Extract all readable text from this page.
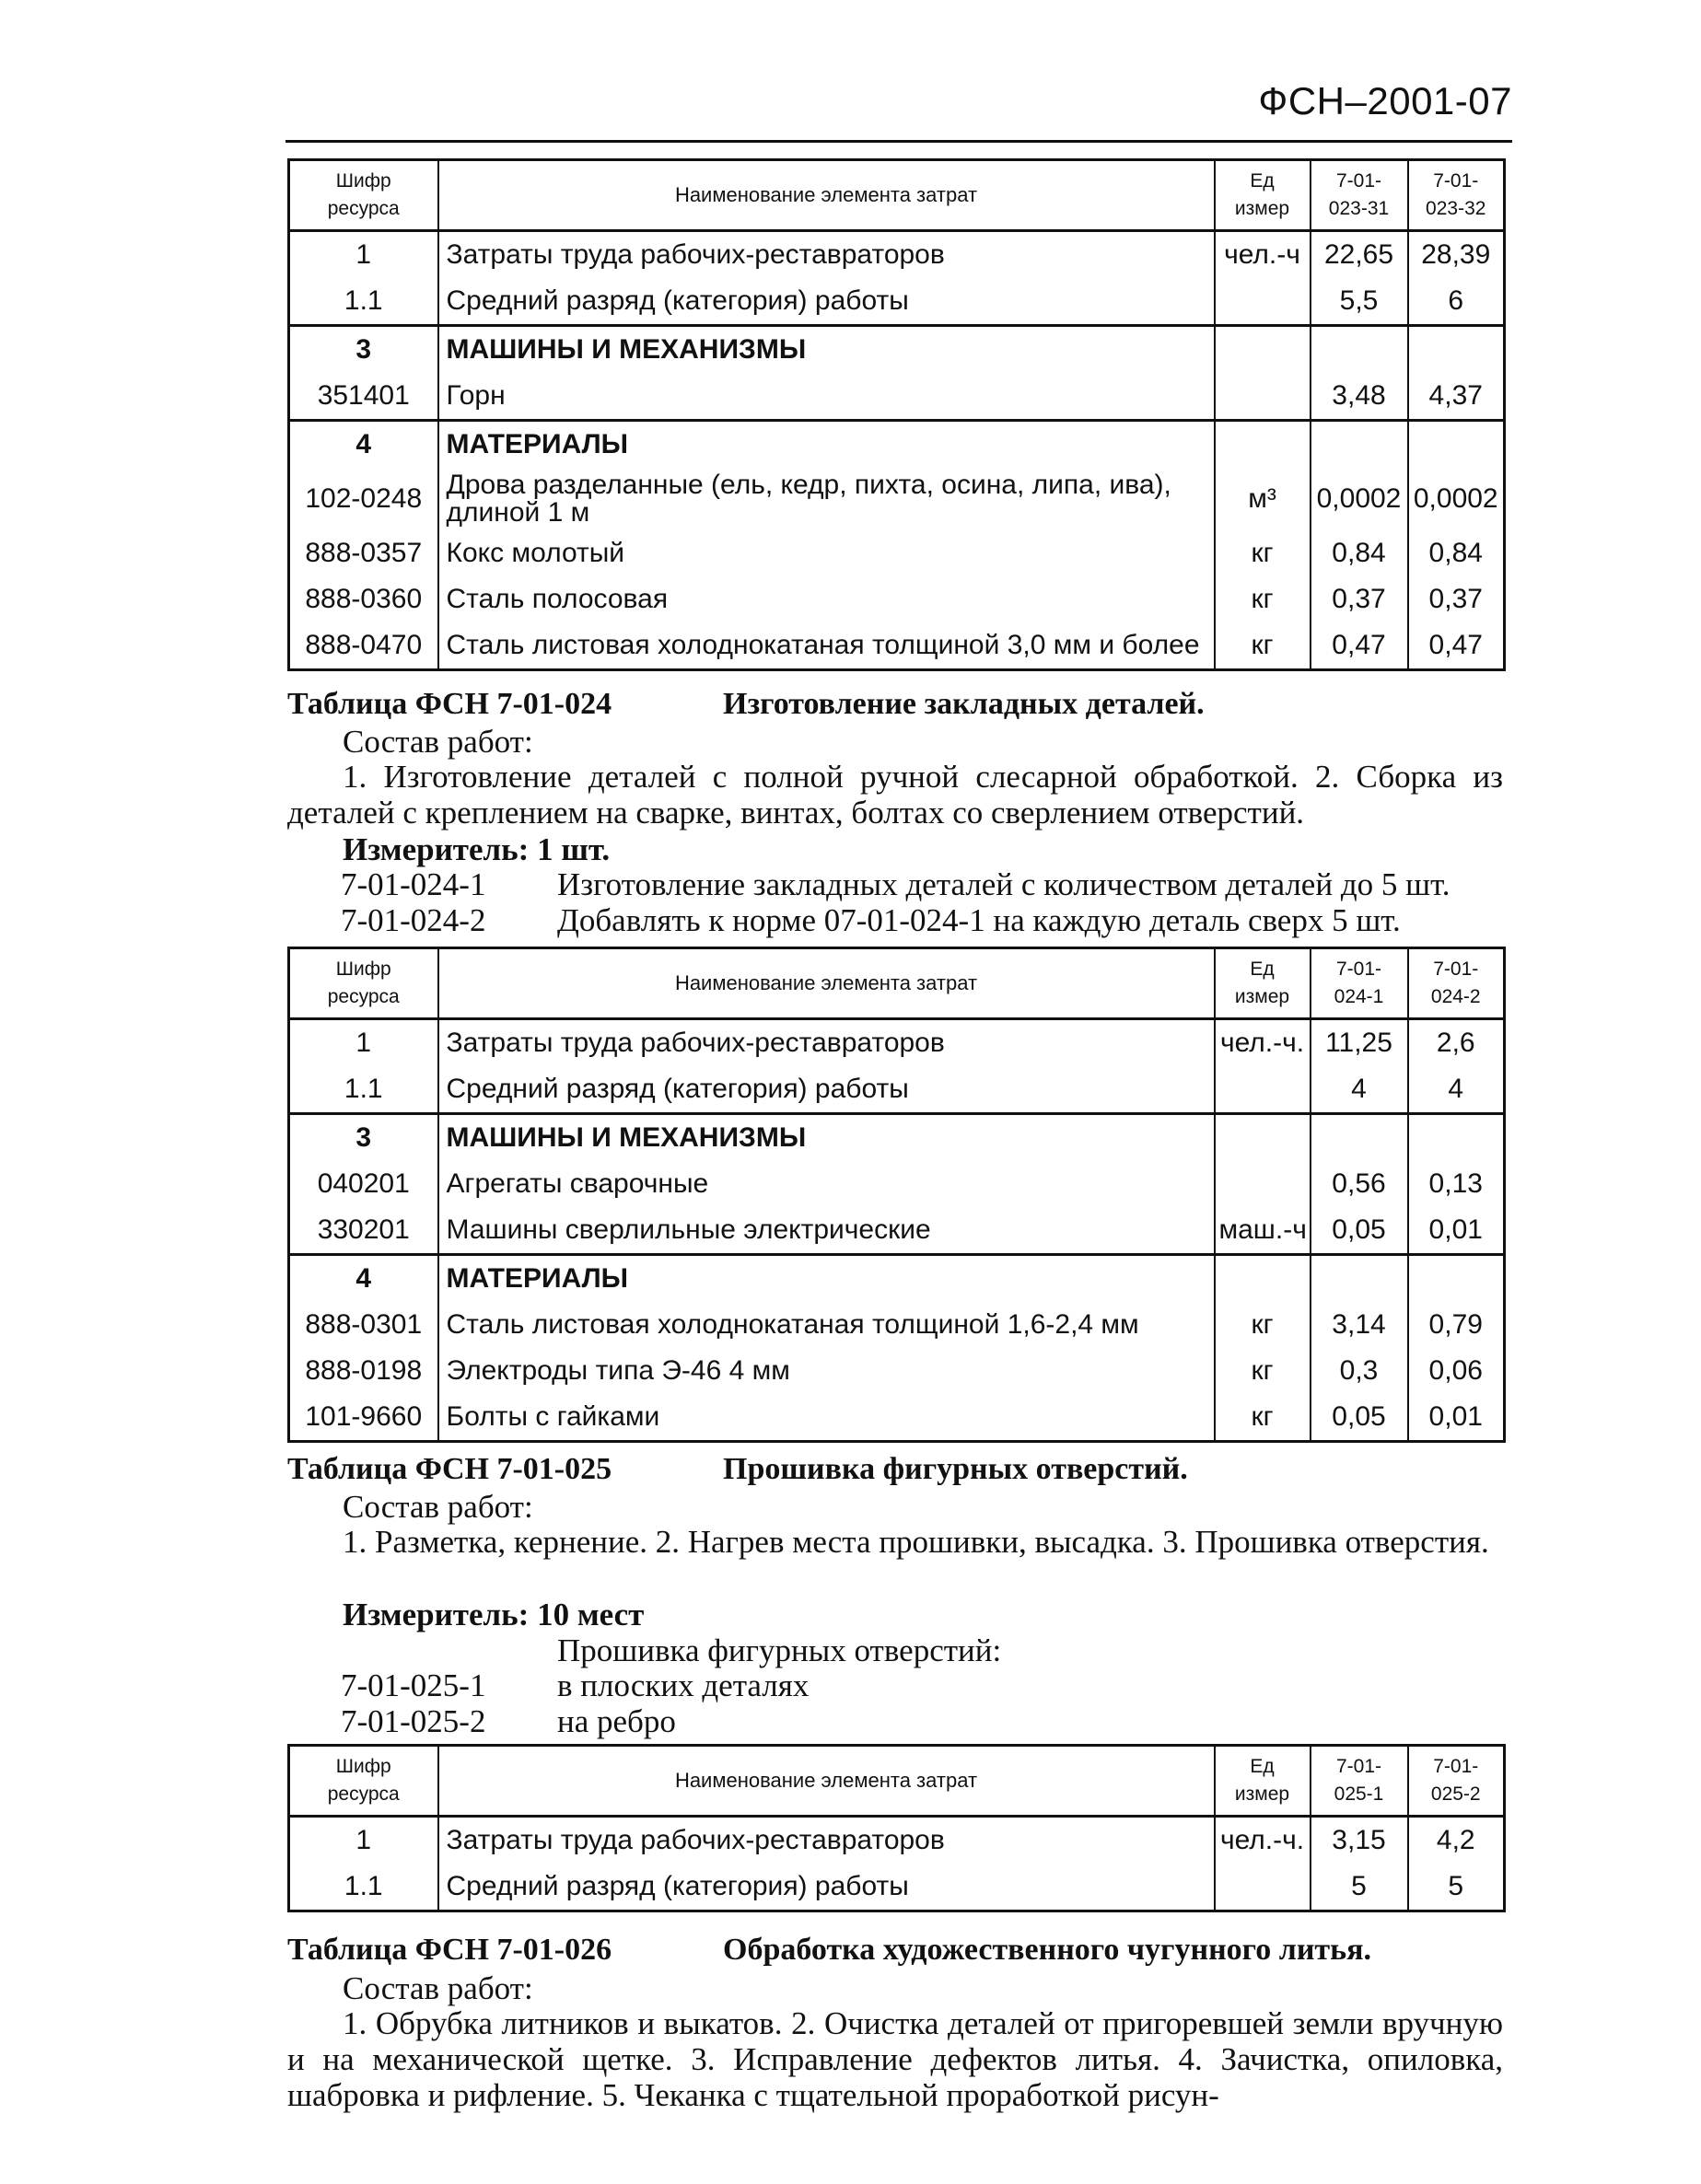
ФСН–2001-07
Шифр ресурса	Наименование элемента затрат	Ед измер	7-01-023-31	7-01-023-32
1	Затраты труда рабочих-реставраторов	чел.-ч	22,65	28,39
1.1	Средний разряд (категория) работы		5,5	6
3	МАШИНЫ И МЕХАНИЗМЫ			
351401	Горн		3,48	4,37
4	МАТЕРИАЛЫ			
102-0248	Дрова разделанные (ель, кедр, пихта, осина, липа, ива), длиной 1 м	м³	0,0002	0,0002
888-0357	Кокс молотый	кг	0,84	0,84
888-0360	Сталь полосовая	кг	0,37	0,37
888-0470	Сталь листовая холоднокатаная толщиной 3,0 мм и более	кг	0,47	0,47
Таблица ФСН 7-01-024	Изготовление закладных деталей.
Состав работ:
1. Изготовление деталей с полной ручной слесарной обработкой. 2. Сборка из деталей с креплением на сварке, винтах, болтах со сверлением отверстий.
Измеритель: 1 шт.
7-01-024-1 Изготовление закладных деталей с количеством деталей до 5 шт.
7-01-024-2 Добавлять к норме 07-01-024-1 на каждую деталь сверх 5 шт.
Шифр ресурса	Наименование элемента затрат	Ед измер	7-01-024-1	7-01-024-2
1	Затраты труда рабочих-реставраторов	чел.-ч.	11,25	2,6
1.1	Средний разряд (категория) работы		4	4
3	МАШИНЫ И МЕХАНИЗМЫ			
040201	Агрегаты сварочные		0,56	0,13
330201	Машины сверлильные электрические	маш.-ч	0,05	0,01
4	МАТЕРИАЛЫ			
888-0301	Сталь листовая холоднокатаная толщиной 1,6-2,4 мм	кг	3,14	0,79
888-0198	Электроды типа Э-46 4 мм	кг	0,3	0,06
101-9660	Болты с гайками	кг	0,05	0,01
Таблица ФСН 7-01-025	Прошивка фигурных отверстий.
Состав работ:
1. Разметка, кернение. 2. Нагрев места прошивки, высадка. 3. Прошивка отверстия.
Измеритель: 10 мест
Прошивка фигурных отверстий:
7-01-025-1 в плоских деталях
7-01-025-2 на ребро
Шифр ресурса	Наименование элемента затрат	Ед измер	7-01-025-1	7-01-025-2
1	Затраты труда рабочих-реставраторов	чел.-ч.	3,15	4,2
1.1	Средний разряд (категория) работы		5	5
Таблица ФСН 7-01-026	Обработка художественного чугунного литья.
Состав работ:
1. Обрубка литников и выкатов. 2. Очистка деталей от пригоревшей земли вручную и на механической щетке. 3. Исправление дефектов литья. 4. Зачистка, опиловка, шабровка и рифление. 5. Чеканка с тщательной проработкой рисун-
